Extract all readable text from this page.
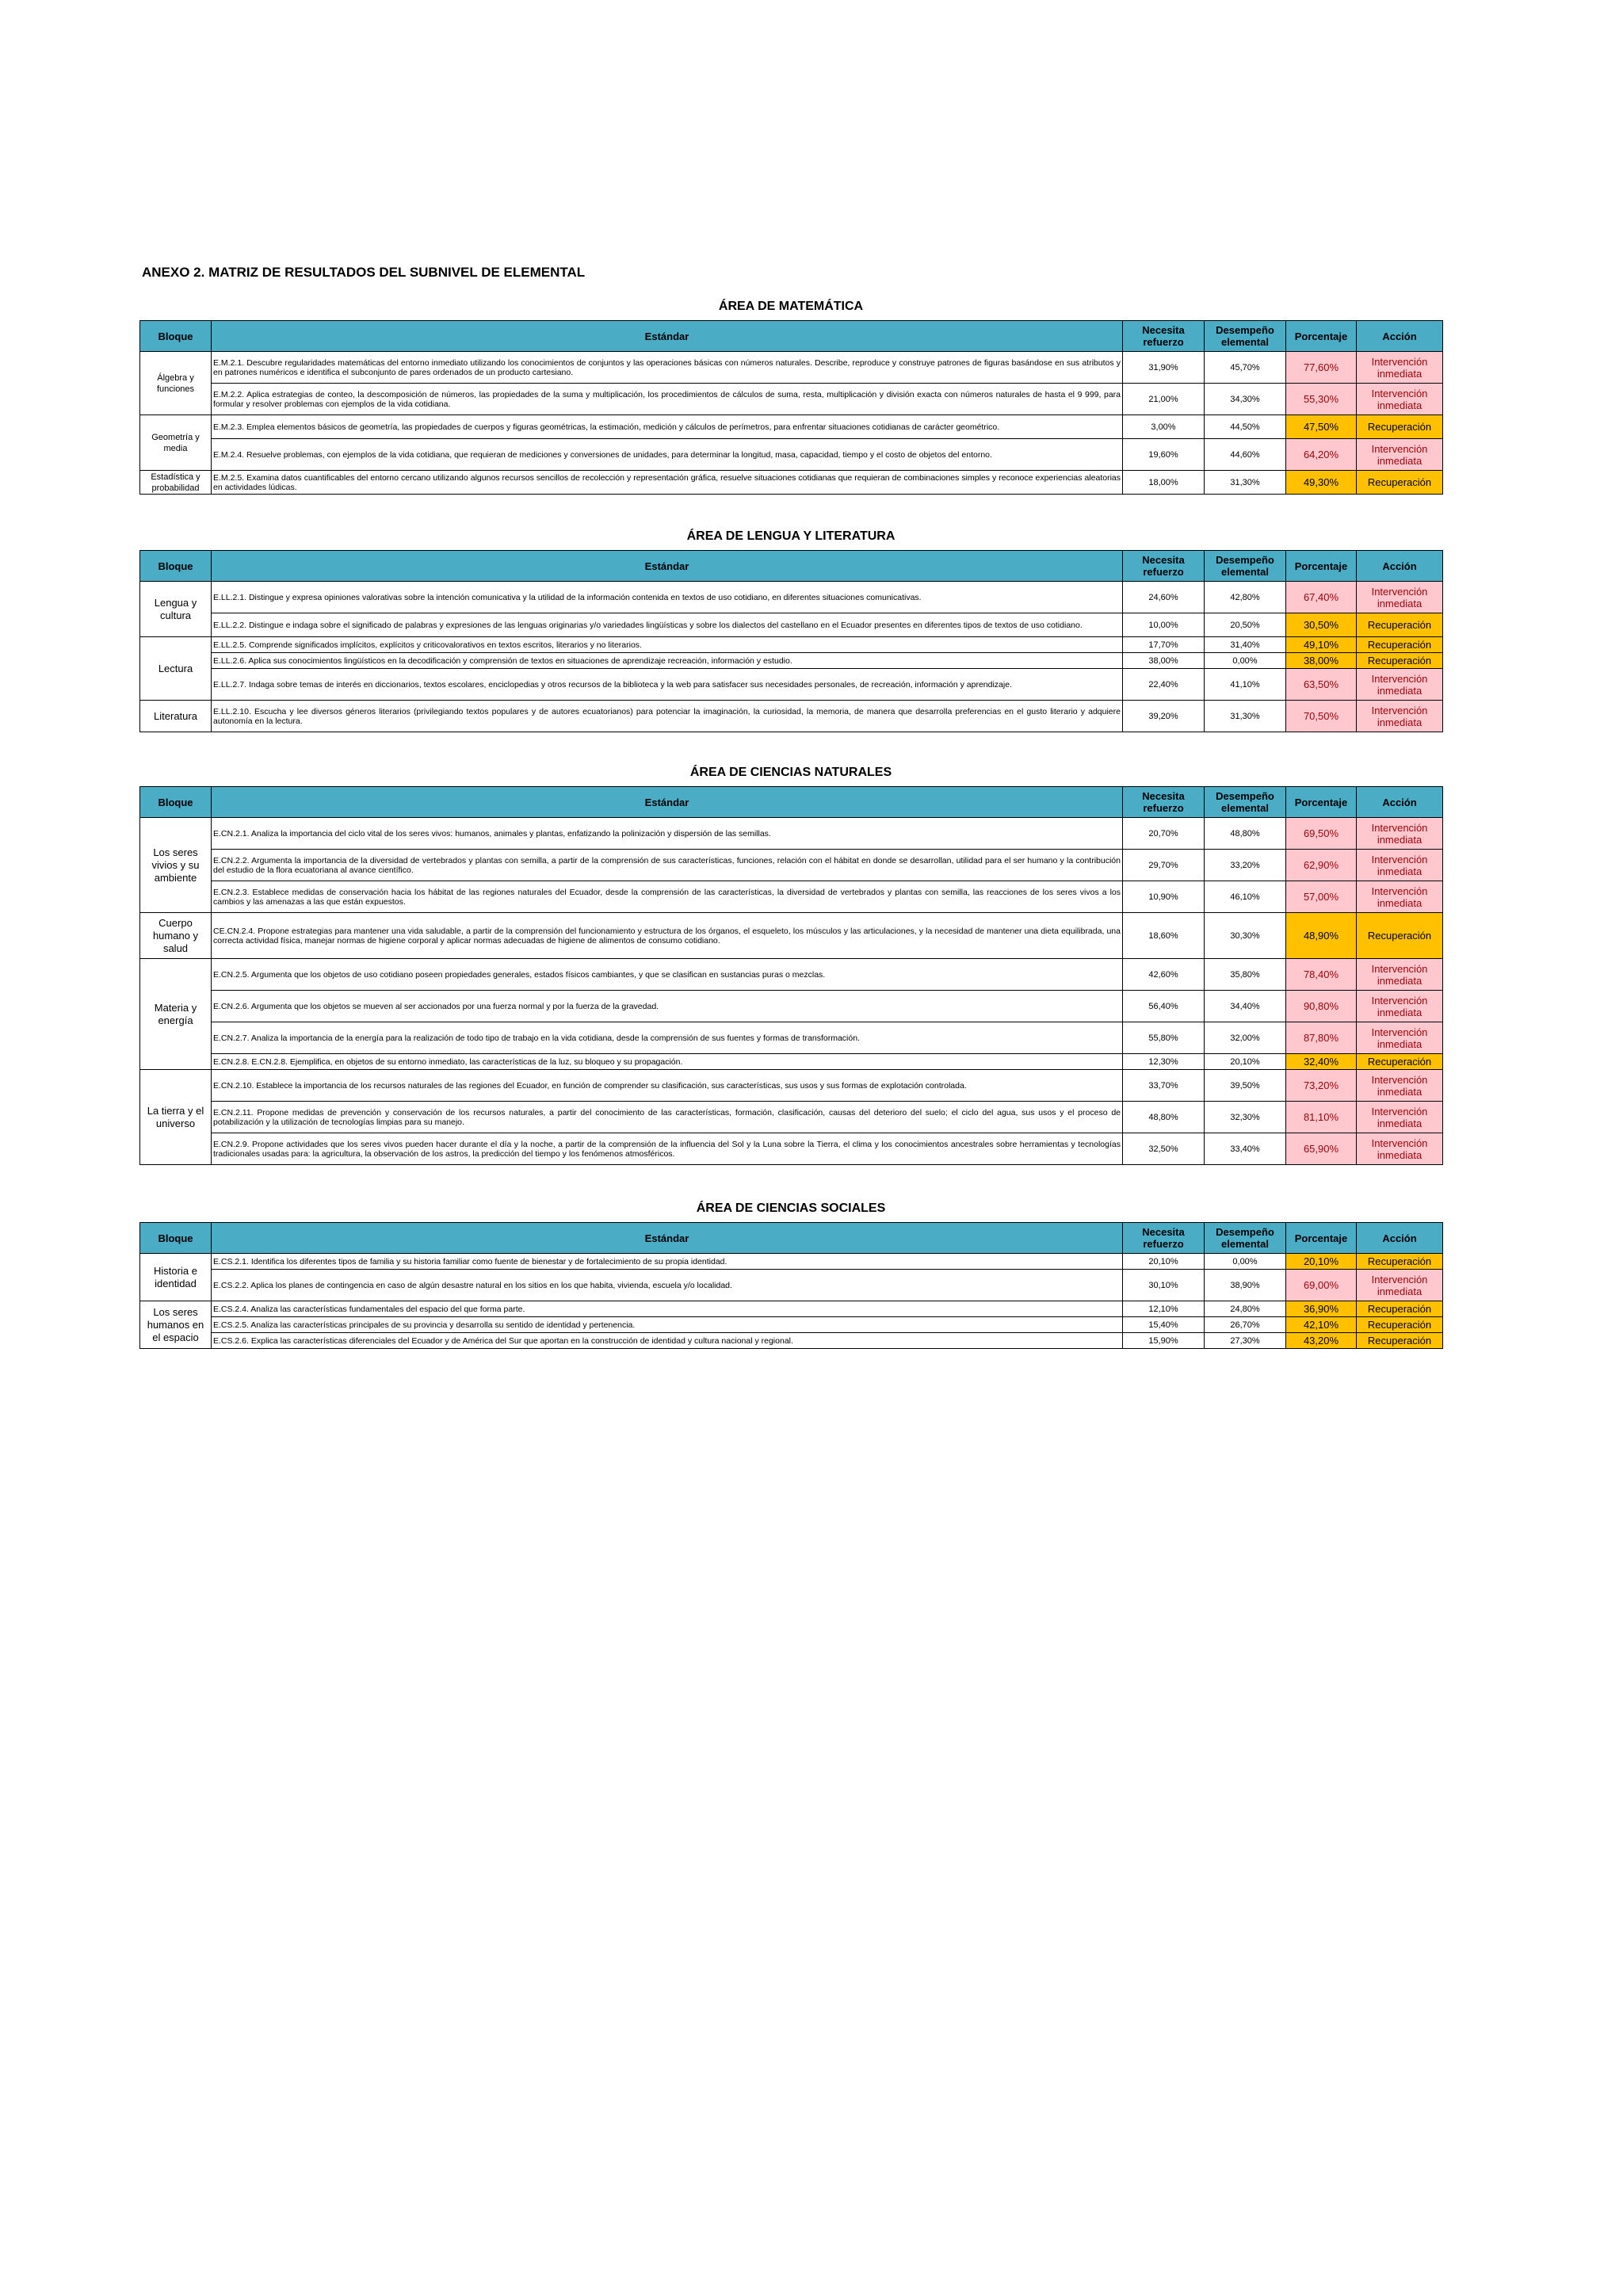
ANEXO 2. MATRIZ DE RESULTADOS DEL SUBNIVEL DE ELEMENTAL
ÁREA DE MATEMÁTICA
Bloque	Estándar	Necesita refuerzo	Desempeño elemental	Porcentaje	Acción
Álgebra y funciones	E.M.2.1. Descubre regularidades matemáticas del entorno inmediato utilizando los conocimientos de conjuntos y las operaciones básicas con números naturales. Describe, reproduce y construye patrones de figuras basándose en sus atributos y en patrones numéricos e identifica el subconjunto de pares ordenados de un producto cartesiano.	31,90%	45,70%	77,60%	Intervención inmediata
	E.M.2.2. Aplica estrategias de conteo, la descomposición de números, las propiedades de la suma y multiplicación, los procedimientos de cálculos de suma, resta, multiplicación y división exacta con números naturales de hasta el 9 999, para formular y resolver problemas con ejemplos de la vida cotidiana.	21,00%	34,30%	55,30%	Intervención inmediata
Geometría y media	E.M.2.3. Emplea elementos básicos de geometría, las propiedades de cuerpos y figuras geométricas, la estimación, medición y cálculos de perímetros, para enfrentar situaciones cotidianas de carácter geométrico.	3,00%	44,50%	47,50%	Recuperación
	E.M.2.4. Resuelve problemas, con ejemplos de la vida cotidiana, que requieran de mediciones y conversiones de unidades, para determinar la longitud, masa, capacidad, tiempo y el costo de objetos del entorno.	19,60%	44,60%	64,20%	Intervención inmediata
Estadística y probabilidad	E.M.2.5. Examina datos cuantificables del entorno cercano utilizando algunos recursos sencillos de recolección y representación gráfica, resuelve situaciones cotidianas que requieran de combinaciones simples y reconoce experiencias aleatorias en actividades lúdicas.	18,00%	31,30%	49,30%	Recuperación
ÁREA DE LENGUA Y LITERATURA
Bloque	Estándar	Necesita refuerzo	Desempeño elemental	Porcentaje	Acción
Lengua y cultura	E.LL.2.1. Distingue y expresa opiniones valorativas sobre la intención comunicativa y la utilidad de la información contenida en textos de uso cotidiano, en diferentes situaciones comunicativas.	24,60%	42,80%	67,40%	Intervención inmediata
	E.LL.2.2. Distingue e indaga sobre el significado de palabras y expresiones de las lenguas originarias y/o variedades lingüísticas y sobre los dialectos del castellano en el Ecuador presentes en diferentes tipos de textos de uso cotidiano.	10,00%	20,50%	30,50%	Recuperación
Lectura	E.LL.2.5. Comprende significados implícitos, explícitos y criticovalorativos en textos escritos, literarios y no literarios.	17,70%	31,40%	49,10%	Recuperación
	E.LL.2.6. Aplica sus conocimientos lingüísticos en la decodificación y comprensión de textos en situaciones de aprendizaje recreación, información y estudio.	38,00%	0,00%	38,00%	Recuperación
	E.LL.2.7. Indaga sobre temas de interés en diccionarios, textos escolares, enciclopedias y otros recursos de la biblioteca y la web para satisfacer sus necesidades personales, de recreación, información y aprendizaje.	22,40%	41,10%	63,50%	Intervención inmediata
Literatura	E.LL.2.10. Escucha y lee diversos géneros literarios (privilegiando textos populares y de autores ecuatorianos) para potenciar la imaginación, la curiosidad, la memoria, de manera que desarrolla preferencias en el gusto literario y adquiere autonomía en la lectura.	39,20%	31,30%	70,50%	Intervención inmediata
ÁREA DE CIENCIAS NATURALES
Bloque	Estándar	Necesita refuerzo	Desempeño elemental	Porcentaje	Acción
Los seres vivios y su ambiente	E.CN.2.1. Analiza la importancia del ciclo vital de los seres vivos: humanos, animales y plantas, enfatizando la polinización y dispersión de las semillas.	20,70%	48,80%	69,50%	Intervención inmediata
	E.CN.2.2. Argumenta la importancia de la diversidad de vertebrados y plantas con semilla, a partir de la comprensión de sus características, funciones, relación con el hábitat en donde se desarrollan, utilidad para el ser humano y la contribución del estudio de la flora ecuatoriana al avance científico.	29,70%	33,20%	62,90%	Intervención inmediata
	E.CN.2.3. Establece medidas de conservación hacia los hábitat de las regiones naturales del Ecuador, desde la comprensión de las características, la diversidad de vertebrados y plantas con semilla, las reacciones de los seres vivos a los cambios y las amenazas a las que están expuestos.	10,90%	46,10%	57,00%	Intervención inmediata
Cuerpo humano y salud	CE.CN.2.4. Propone estrategias para mantener una vida saludable, a partir de la comprensión del funcionamiento y estructura de los órganos, el esqueleto, los músculos y las articulaciones, y la necesidad de mantener una dieta equilibrada, una correcta actividad física, manejar normas de higiene corporal y aplicar normas adecuadas de higiene de alimentos de consumo cotidiano.	18,60%	30,30%	48,90%	Recuperación
Materia y energía	E.CN.2.5. Argumenta que los objetos de uso cotidiano poseen propiedades generales, estados físicos cambiantes, y que se clasifican en sustancias puras o mezclas.	42,60%	35,80%	78,40%	Intervención inmediata
	E.CN.2.6. Argumenta que los objetos se mueven al ser accionados por una fuerza normal y por la fuerza de la gravedad.	56,40%	34,40%	90,80%	Intervención inmediata
	E.CN.2.7. Analiza la importancia de la energía para la realización de todo tipo de trabajo en la vida cotidiana, desde la comprensión de sus fuentes y formas de transformación.	55,80%	32,00%	87,80%	Intervención inmediata
	E.CN.2.8. E.CN.2.8. Ejemplifica, en objetos de su entorno inmediato, las características de la luz, su bloqueo y su propagación.	12,30%	20,10%	32,40%	Recuperación
La tierra y el universo	E.CN.2.10. Establece la importancia de los recursos naturales de las regiones del Ecuador, en función de comprender su clasificación, sus características, sus usos y sus formas de explotación controlada.	33,70%	39,50%	73,20%	Intervención inmediata
	E.CN.2.11. Propone medidas de prevención y conservación de los recursos naturales, a partir del conocimiento de las características, formación, clasificación, causas del deterioro del suelo; el ciclo del agua, sus usos y el proceso de potabilización y la utilización de tecnologías limpias para su manejo.	48,80%	32,30%	81,10%	Intervención inmediata
	E.CN.2.9. Propone actividades que los seres vivos pueden hacer durante el día y la noche, a partir de la comprensión de la influencia del Sol y la Luna sobre la Tierra, el clima y los conocimientos ancestrales sobre herramientas y tecnologías tradicionales usadas para: la agricultura, la observación de los astros, la predicción del tiempo y los fenómenos atmosféricos.	32,50%	33,40%	65,90%	Intervención inmediata
ÁREA DE CIENCIAS SOCIALES
Bloque	Estándar	Necesita refuerzo	Desempeño elemental	Porcentaje	Acción
Historia e identidad	E.CS.2.1. Identifica los diferentes tipos de familia y su historia familiar como fuente de bienestar y de fortalecimiento de su propia identidad.	20,10%	0,00%	20,10%	Recuperación
	E.CS.2.2. Aplica los planes de contingencia en caso de algún desastre natural en los sitios en los que habita, vivienda, escuela y/o localidad.	30,10%	38,90%	69,00%	Intervención inmediata
Los seres humanos en el espacio	E.CS.2.4. Analiza las características fundamentales del espacio del que forma parte.	12,10%	24,80%	36,90%	Recuperación
	E.CS.2.5. Analiza las características principales de su provincia y desarrolla su sentido de identidad y pertenencia.	15,40%	26,70%	42,10%	Recuperación
	E.CS.2.6. Explica las características diferenciales del Ecuador y de América del Sur que aportan en la construcción de identidad y cultura nacional y regional.	15,90%	27,30%	43,20%	Recuperación
